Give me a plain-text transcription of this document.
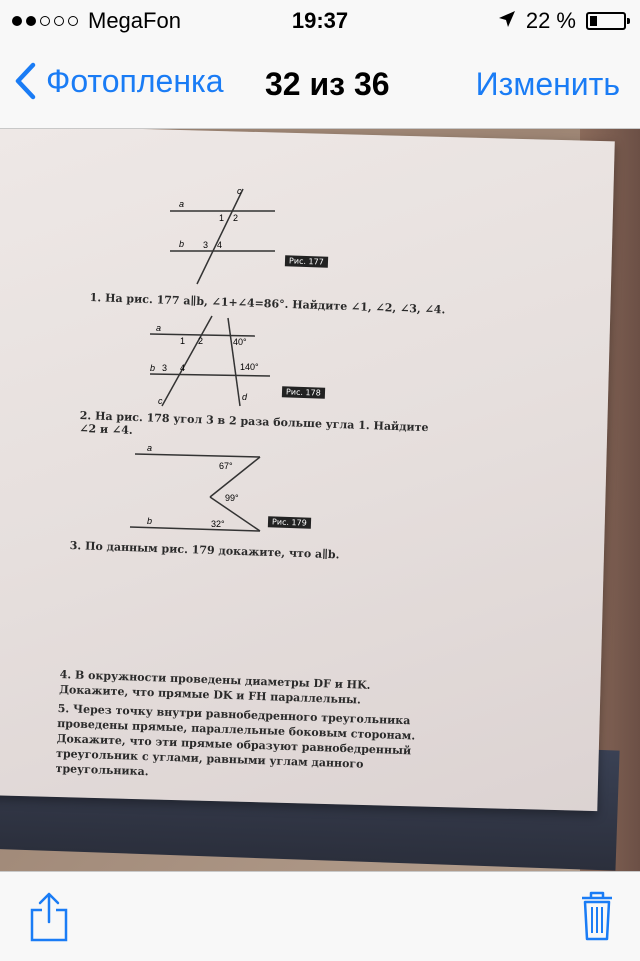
MegaFon	19:37	22 %
Фотопленка 32 из 36	Изменить
1. На рис. 177 a∥b, ∠1+∠4=86°. Найдите ∠1, ∠2, ∠3, ∠4.
c
a
b
1 2
3 4
Рис. 177
2. На рис. 178 угол 3 в 2 раза больше угла 1. Найдите ∠2 и ∠4.
a
b
c	d
1 2
3 4
40°
140°
Рис. 178
3. По данным рис. 179 докажите, что a∥b.
a
b
67°
99°
32°	Рис. 179
4. В окружности проведены диаметры DF и HK. Докажите, что прямые DK и FH параллельны.
5. Через точку внутри равнобедренного треугольника проведены прямые, параллельные боковым сторонам. Докажите, что эти прямые образуют равнобедренный треугольник с углами, равными углам данного треугольника.
